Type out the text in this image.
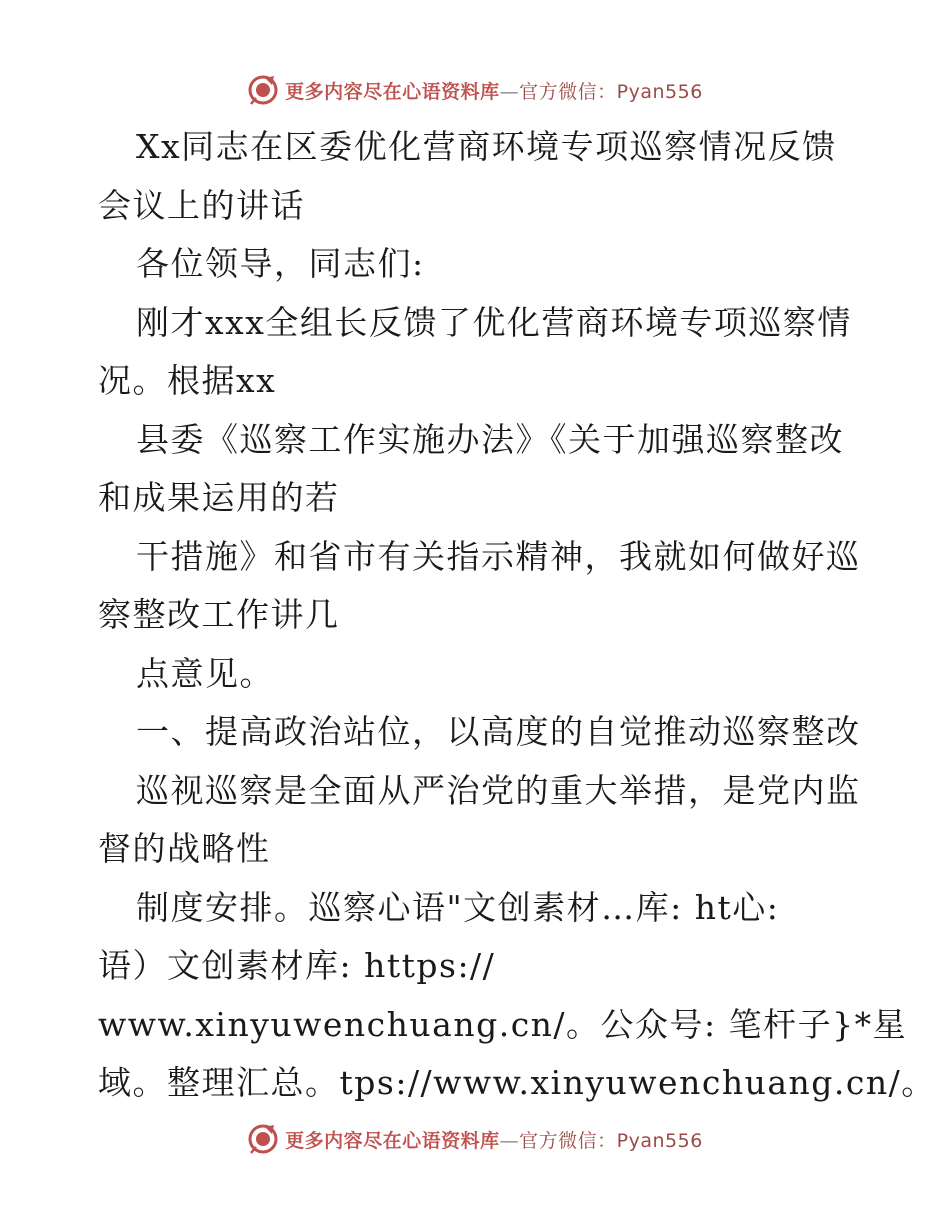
更多内容尽在心语资料库—官方微信：Pyan556
Xx同志在区委优化营商环境专项巡察情况反馈
会议上的讲话
各位领导，同志们:
刚才xxx全组长反馈了优化营商环境专项巡察情
况。根据xx
县委《巡察工作实施办法》《关于加强巡察整改
和成果运用的若
干措施》和省市有关指示精神，我就如何做好巡
察整改工作讲几
点意见。
一、提高政治站位，以高度的自觉推动巡察整改
巡视巡察是全面从严治党的重大举措，是党内监
督的战略性
制度安排。巡察心语"文创素材…库: ht心:
语）文创素材库: https://
www.xinyuwenchuang.cn/。公众号: 笔杆子}*星
域。整理汇总。tps://www.xinyuwenchuang.cn/。
更多内容尽在心语资料库—官方微信：Pyan556
